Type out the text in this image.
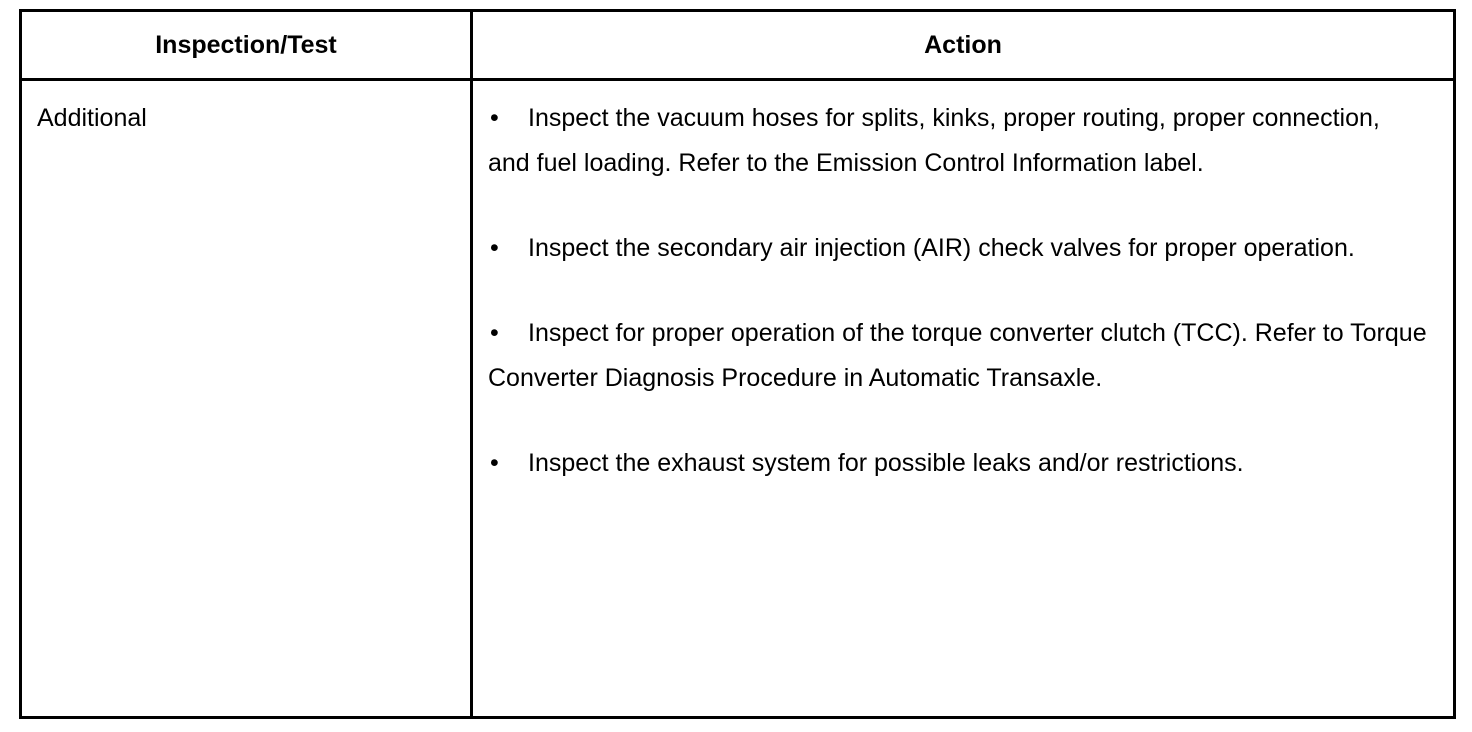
Inspection/Test	Action
Additional	• Inspect the vacuum hoses for splits, kinks, proper routing, proper connection, and fuel loading. Refer to the Emission Control Information label.

• Inspect the secondary air injection (AIR) check valves for proper operation.

• Inspect for proper operation of the torque converter clutch (TCC). Refer to Torque Converter Diagnosis Procedure in Automatic Transaxle.

• Inspect the exhaust system for possible leaks and/or restrictions.
